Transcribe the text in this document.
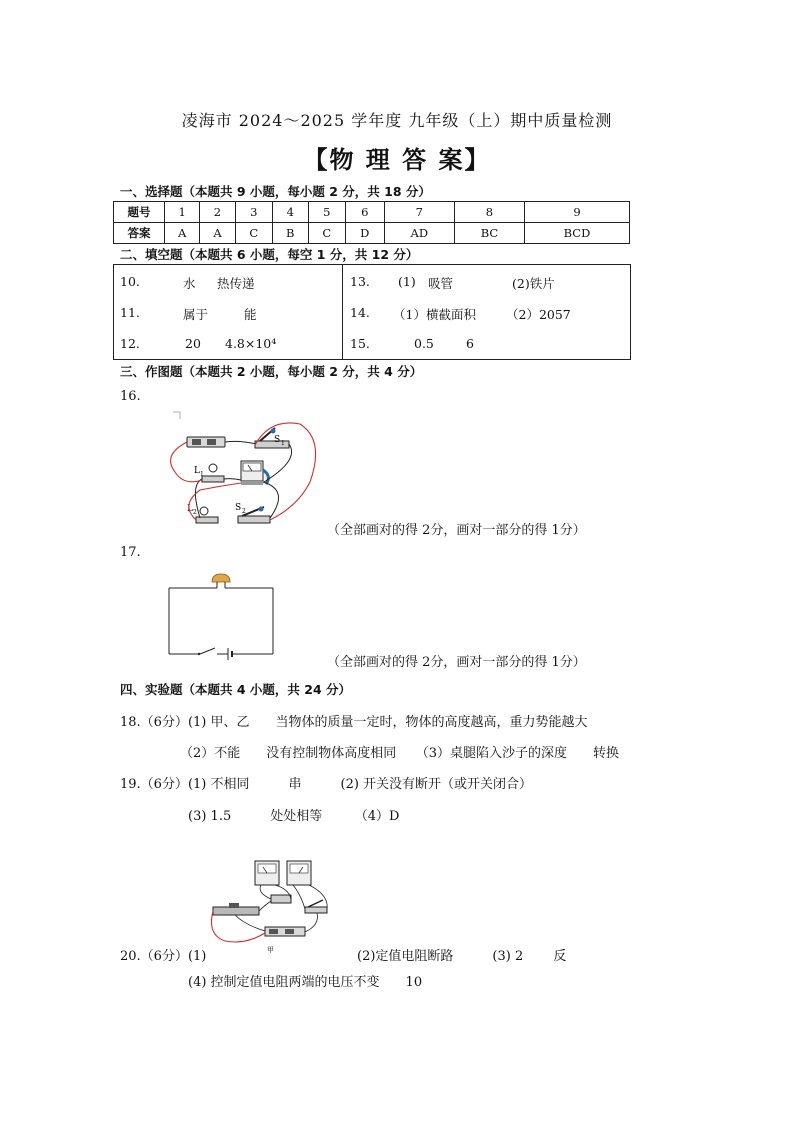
凌海市 2024～2025 学年度 九年级（上）期中质量检测
【物 理 答 案】
一、选择题（本题共 9 小题，每小题 2 分，共 18 分）
题号	1	2	3	4	5	6	7	8	9
答案	A	A	C	B	C	D	AD	BC	BCD
二、填空题（本题共 6 小题，每空 1 分，共 12 分）
10.	水 热传递
11.	属于	能
12.	20 4.8×10⁴
13. (1) 吸管	(2)铁片
14. （1）横截面积 （2）2057
15.	0.5	6
三、作图题（本题共 2 小题，每小题 2 分，共 4 分）
16.
S 1
L 1
L 2	S 2
（全部画对的得 2分，画对一部分的得 1分）
17.
（全部画对的得 2分，画对一部分的得 1分）
四、实验题（本题共 4 小题，共 24 分）
18.（6分）(1) 甲、乙　　当物体的质量一定时，物体的高度越高，重力势能越大
（2）不能　　没有控制物体高度相同　　（3）桌腿陷入沙子的深度　　转换
19.（6分）(1) 不相同　　　串　　　(2) 开关没有断开（或开关闭合）
(3) 1.5　　　处处相等　　　（4）D
甲
20.（6分）(1)	(2)定值电阻断路　　　(3) 2　　 反
(4) 控制定值电阻两端的电压不变　　10
